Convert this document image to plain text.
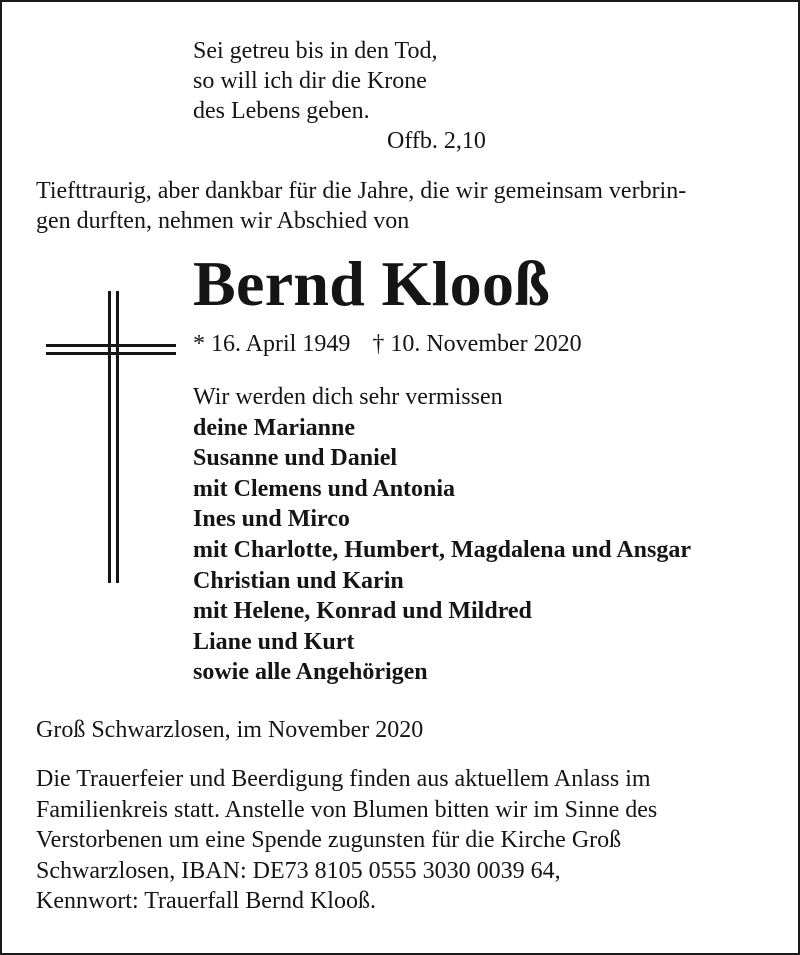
Sei getreu bis in den Tod,
so will ich dir die Krone
des Lebens geben.
Offb. 2,10
Tiefttraurig, aber dankbar für die Jahre, die wir gemeinsam verbrin-
gen durften, nehmen wir Abschied von
Bernd Klooß
* 16. April 1949 † 10. November 2020
Wir werden dich sehr vermissen
deine Marianne
Susanne und Daniel
mit Clemens und Antonia
Ines und Mirco
mit Charlotte, Humbert, Magdalena und Ansgar
Christian und Karin
mit Helene, Konrad und Mildred
Liane und Kurt
sowie alle Angehörigen
Groß Schwarzlosen, im November 2020
Die Trauerfeier und Beerdigung finden aus aktuellem Anlass im
Familienkreis statt. Anstelle von Blumen bitten wir im Sinne des
Verstorbenen um eine Spende zugunsten für die Kirche Groß
Schwarzlosen, IBAN: DE73 8105 0555 3030 0039 64,
Kennwort: Trauerfall Bernd Klooß.
